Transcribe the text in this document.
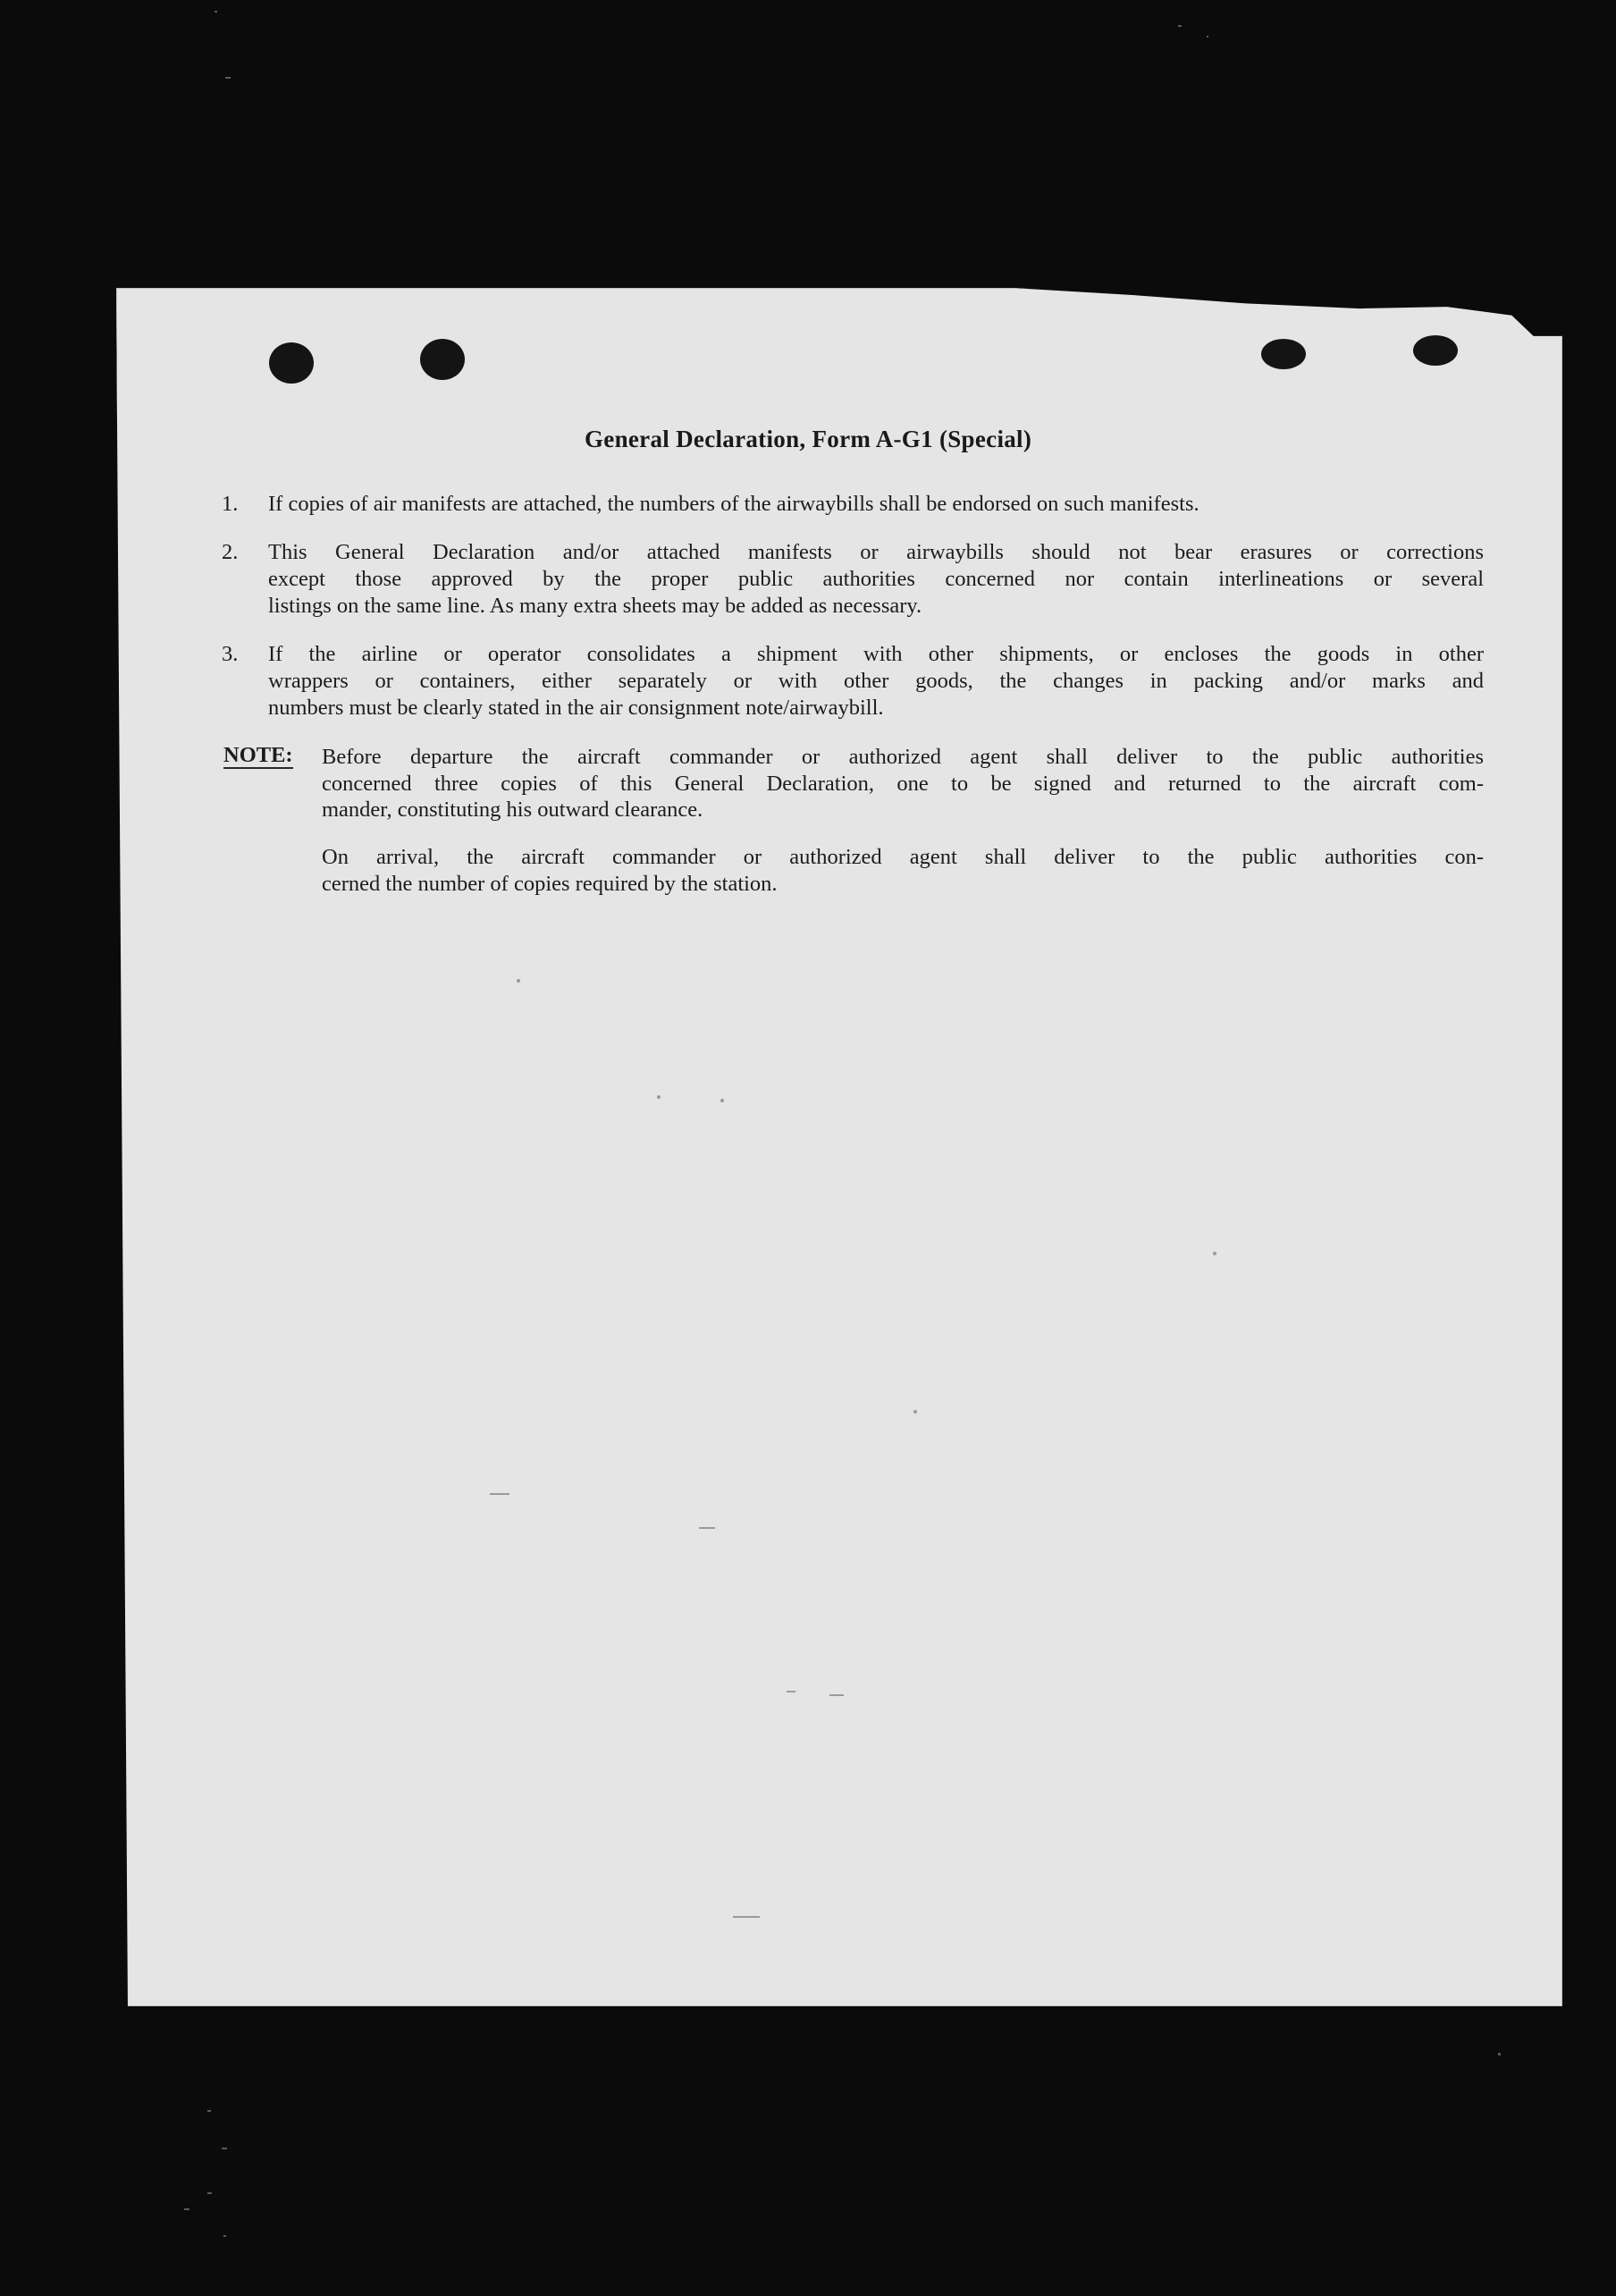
General Declaration, Form A-G1 (Special)
1.	If copies of air manifests are attached, the numbers of the airwaybills shall be endorsed on such manifests.
2.	This General Declaration and/or attached manifests or airwaybills should not bear erasures or corrections
except those approved by the proper public authorities concerned nor contain interlineations or several
listings on the same line. As many extra sheets may be added as necessary.
3.	If the airline or operator consolidates a shipment with other shipments, or encloses the goods in other
wrappers or containers, either separately or with other goods, the changes in packing and/or marks and
numbers must be clearly stated in the air consignment note/airwaybill.
NOTE: Before departure the aircraft commander or authorized agent shall deliver to the public authorities
concerned three copies of this General Declaration, one to be signed and returned to the aircraft com-
mander, constituting his outward clearance.
On arrival, the aircraft commander or authorized agent shall deliver to the public authorities con-
cerned the number of copies required by the station.
